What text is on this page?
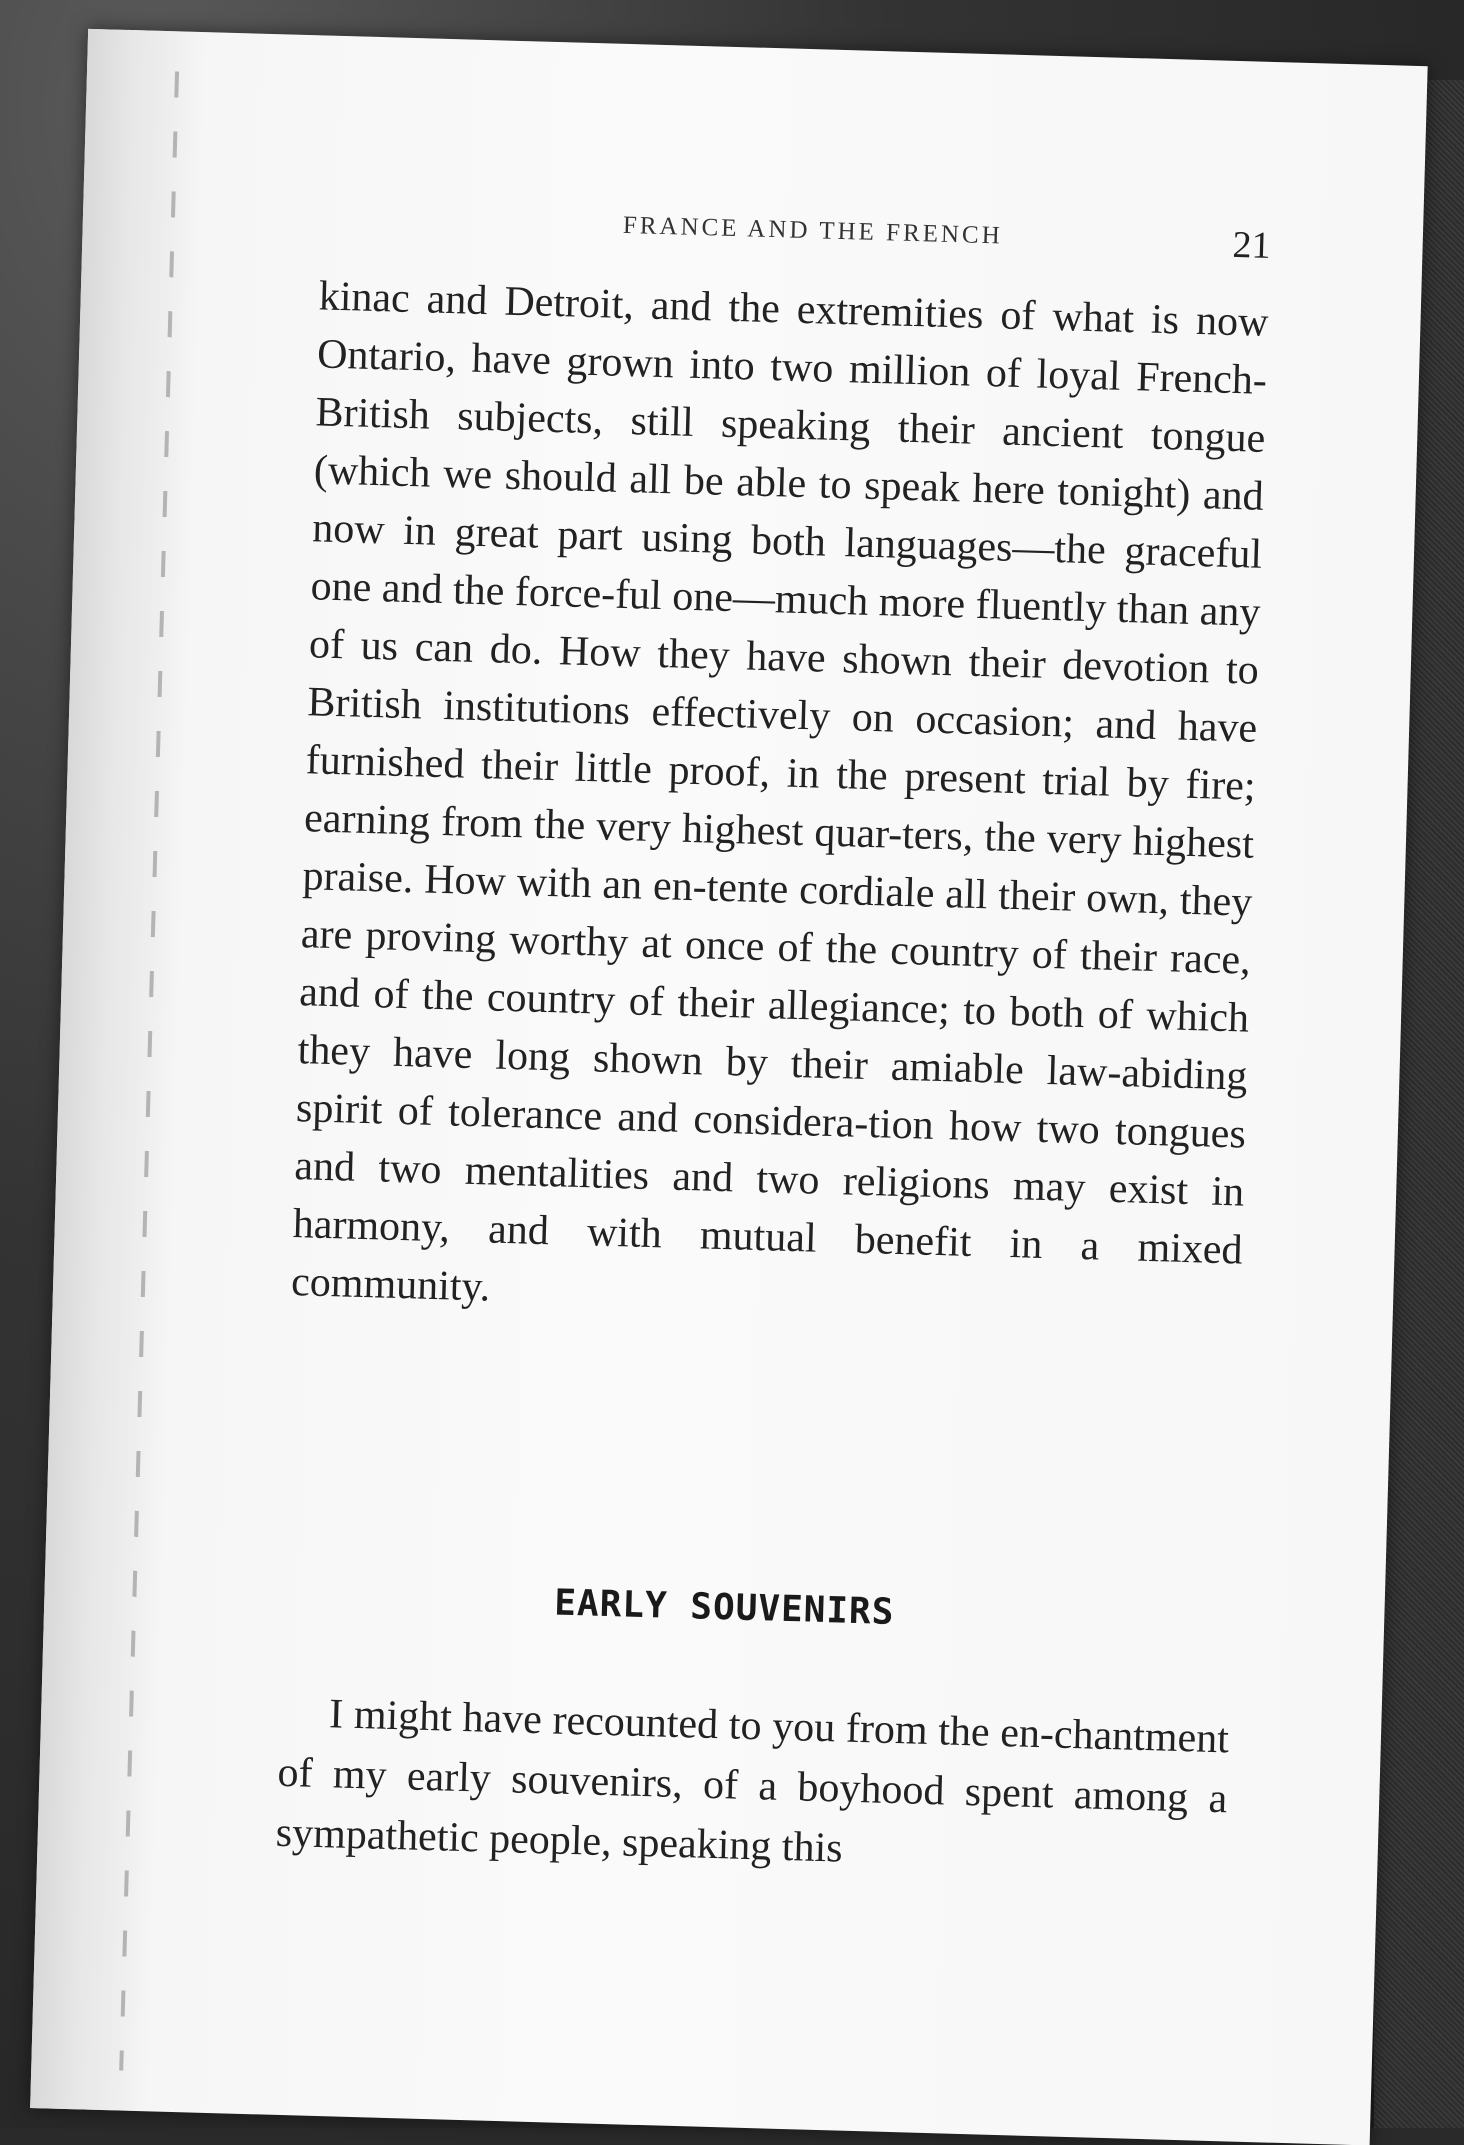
FRANCE AND THE FRENCH	21
kinac and Detroit, and the extremities of what is now Ontario, have grown into two million of loyal French-British subjects, still speaking their ancient tongue (which we should all be able to speak here tonight) and now in great part using both languages—the graceful one and the force-ful one—much more fluently than any of us can do. How they have shown their devotion to British institutions effectively on occasion; and have furnished their little proof, in the present trial by fire; earning from the very highest quar-ters, the very highest praise. How with an en-tente cordiale all their own, they are proving worthy at once of the country of their race, and of the country of their allegiance; to both of which they have long shown by their amiable law-abiding spirit of tolerance and considera-tion how two tongues and two mentalities and two religions may exist in harmony, and with mutual benefit in a mixed community.
EARLY SOUVENIRS
I might have recounted to you from the en-chantment of my early souvenirs, of a boyhood spent among a sympathetic people, speaking this
